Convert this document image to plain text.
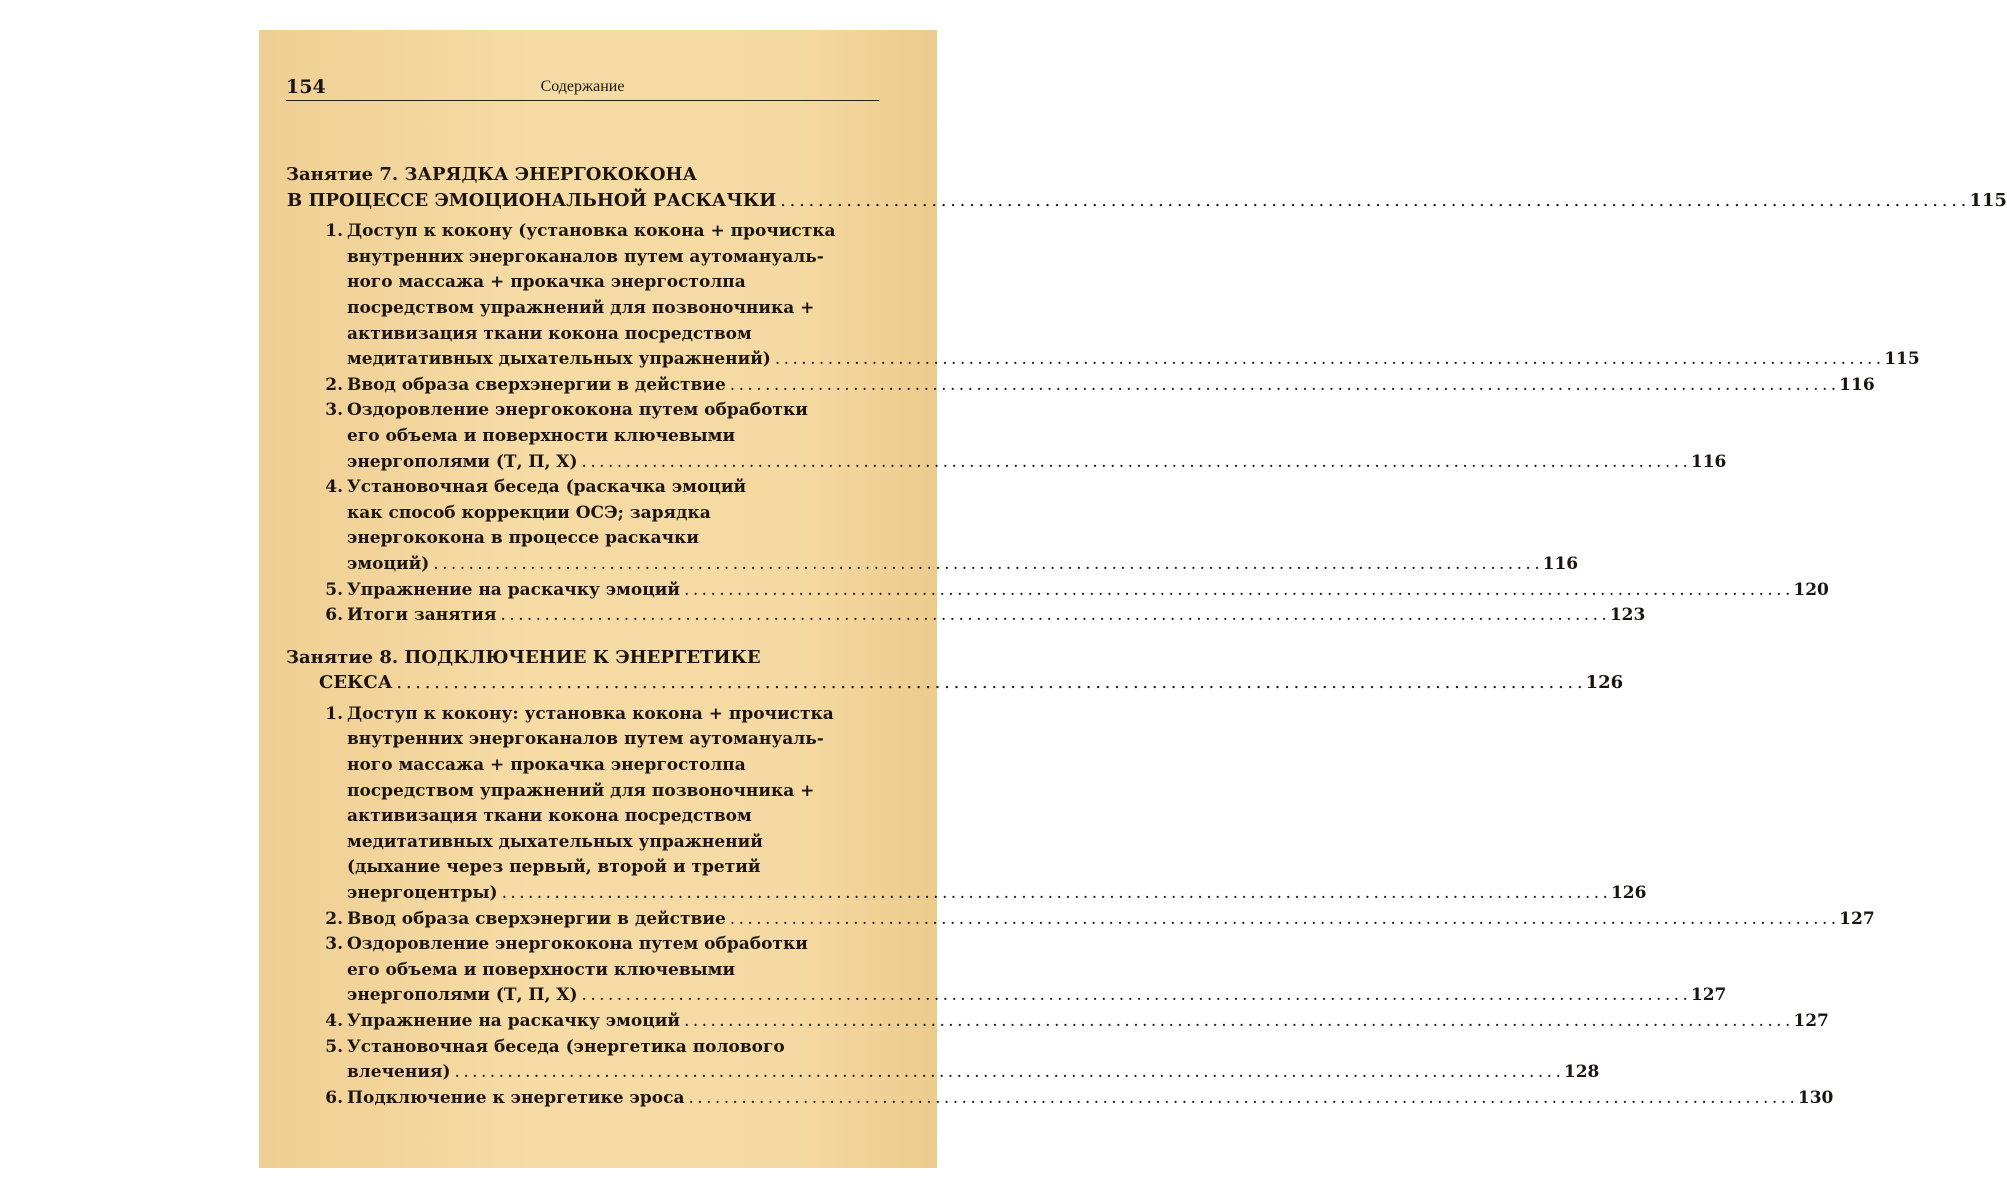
154	Содержание
Занятие 7. ЗАРЯДКА ЭНЕРГОКОКОНА
В ПРОЦЕССЕ ЭМОЦИОНАЛЬНОЙ РАСКАЧКИ . . .	115
1. Доступ к кокону (установка кокона + прочистка
внутренних энергоканалов путем аутомануаль-
ного массажа + прокачка энергостолпа
посредством упражнений для позвоночника +
активизация ткани кокона посредством
медитативных дыхательных упражнений) . . .	115
2. Ввод образа сверхэнергии в действие . . .	116
3. Оздоровление энергококона путем обработки
его объема и поверхности ключевыми
энергополями (Т, П, Х) . . .	116
4. Установочная беседа (раскачка эмоций
как способ коррекции ОСЭ; зарядка
энергококона в процессе раскачки
эмоций) . . .	116
5. Упражнение на раскачку эмоций . . .	120
6. Итоги занятия . . .	123
Занятие 8. ПОДКЛЮЧЕНИЕ К ЭНЕРГЕТИКЕ
СЕКСА . . .	126
1. Доступ к кокону: установка кокона + прочистка
внутренних энергоканалов путем аутомануаль-
ного массажа + прокачка энергостолпа
посредством упражнений для позвоночника +
активизация ткани кокона посредством
медитативных дыхательных упражнений
(дыхание через первый, второй и третий
энергоцентры) . . .	126
2. Ввод образа сверхэнергии в действие . . .	127
3. Оздоровление энергококона путем обработки
его объема и поверхности ключевыми
энергополями (Т, П, Х) . . .	127
4. Упражнение на раскачку эмоций . . .	127
5. Установочная беседа (энергетика полового
влечения) . . .	128
6. Подключение к энергетике эроса . . .	130
